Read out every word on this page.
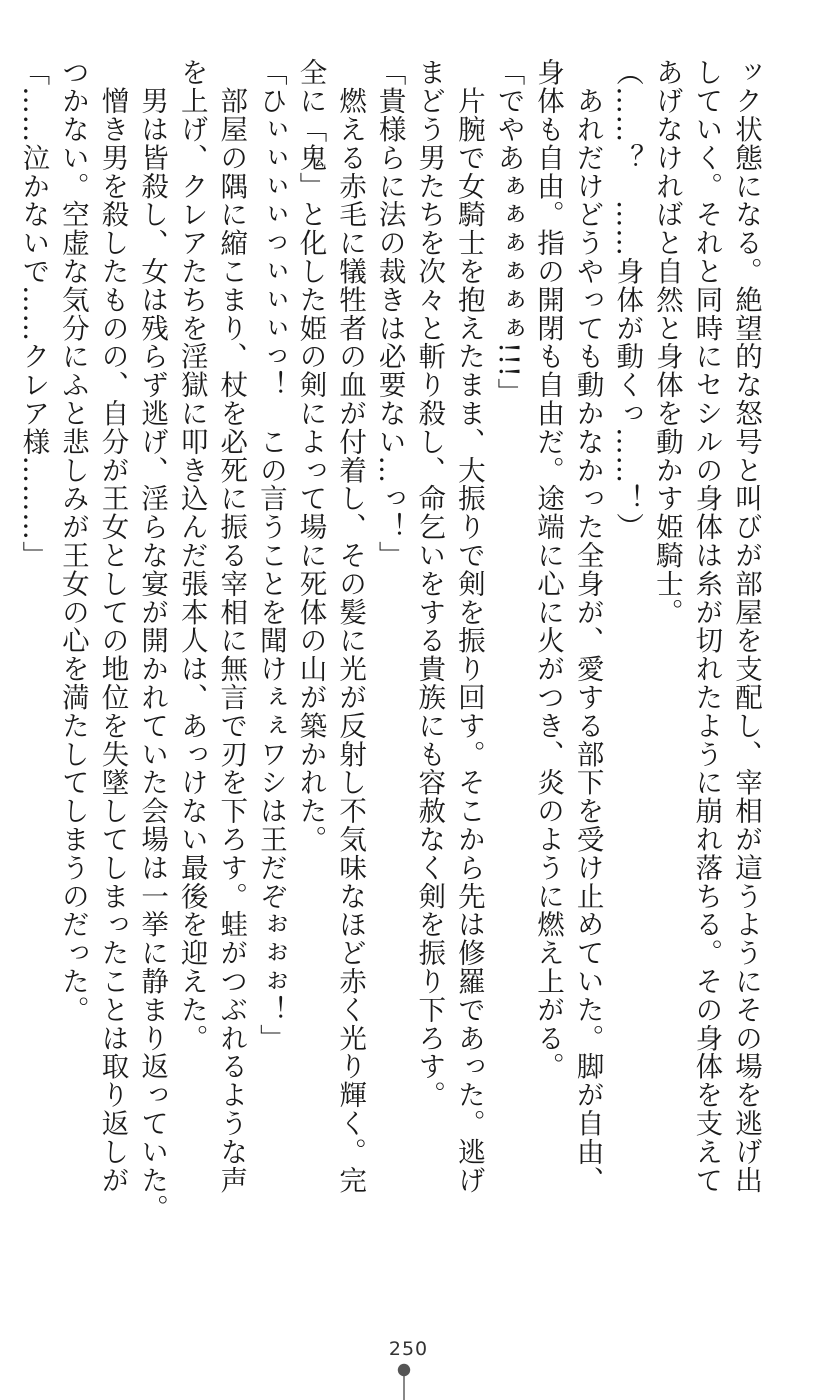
ック状態になる。絶望的な怒号と叫びが部屋を支配し、宰相が這うようにその場を逃げ出
していく。それと同時にセシルの身体は糸が切れたように崩れ落ちる。その身体を支えて
あげなければと自然と身体を動かす姫騎士。
（……？　……身体が動くっ……！）
　あれだけどうやっても動かなかった全身が、愛する部下を受け止めていた。脚が自由、
身体も自由。指の開閉も自由だ。途端に心に火がつき、炎のように燃え上がる。
「でやあぁぁぁぁぁぁ!!!」
　片腕で女騎士を抱えたまま、大振りで剣を振り回す。そこから先は修羅であった。逃げ
まどう男たちを次々と斬り殺し、命乞いをする貴族にも容赦なく剣を振り下ろす。
「貴様らに法の裁きは必要ない…っ！」
　燃える赤毛に犠牲者の血が付着し、その髪に光が反射し不気味なほど赤く光り輝く。完
全に「鬼」と化した姫の剣によって場に死体の山が築かれた。
「ひぃぃぃぃっぃぃぃっ！　この言うことを聞けぇぇワシは王だぞぉぉぉ！」
　部屋の隅に縮こまり、杖を必死に振る宰相に無言で刃を下ろす。蛙がつぶれるような声
を上げ、クレアたちを淫獄に叩き込んだ張本人は、あっけない最後を迎えた。
　男は皆殺し、女は残らず逃げ、淫らな宴が開かれていた会場は一挙に静まり返っていた。
　憎き男を殺したものの、自分が王女としての地位を失墜してしまったことは取り返しが
つかない。空虚な気分にふと悲しみが王女の心を満たしてしまうのだった。
「……泣かないで……クレア様………」
250
